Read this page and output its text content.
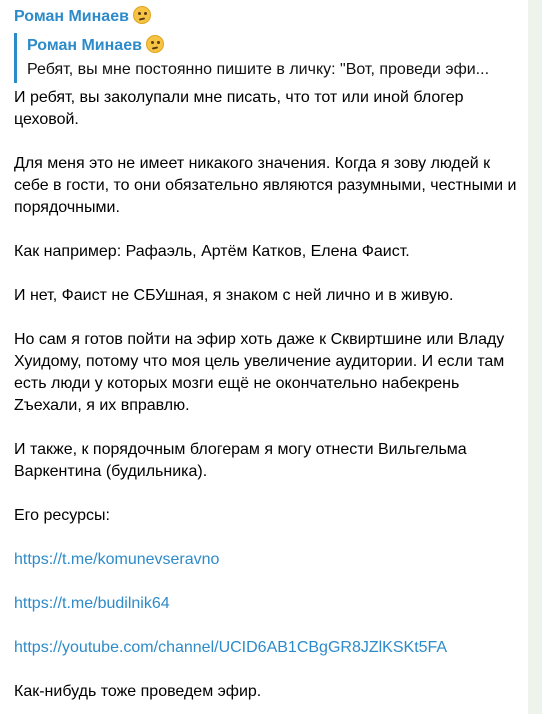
Роман Минаев
Роман Минаев
Ребят, вы мне постоянно пишите в личку: "Вот, проведи эфи...

И ребят, вы заколупали мне писать, что тот или иной блогер цеховой.

Для меня это не имеет никакого значения. Когда я зову людей к себе в гости, то они обязательно являются разумными, честными и порядочными.

Как например: Рафаэль, Артём Катков, Елена Фаист.

И нет, Фаист не СБУшная, я знаком с ней лично и в живую.

Но сам я готов пойти на эфир хоть даже к Сквиртшине или Владу Хуидому, потому что моя цель увеличение аудитории. И если там есть люди у которых мозги ещё не окончательно набекрень Zъехали, я их вправлю.

И также, к порядочным блогерам я могу отнести Вильгельма Варкентина (будильника).

Его ресурсы:

https://t.me/komunevseravno

https://t.me/budilnik64

https://youtube.com/channel/UCID6AB1CBgGR8JZlKSKt5FA

Как-нибудь тоже проведем эфир.
